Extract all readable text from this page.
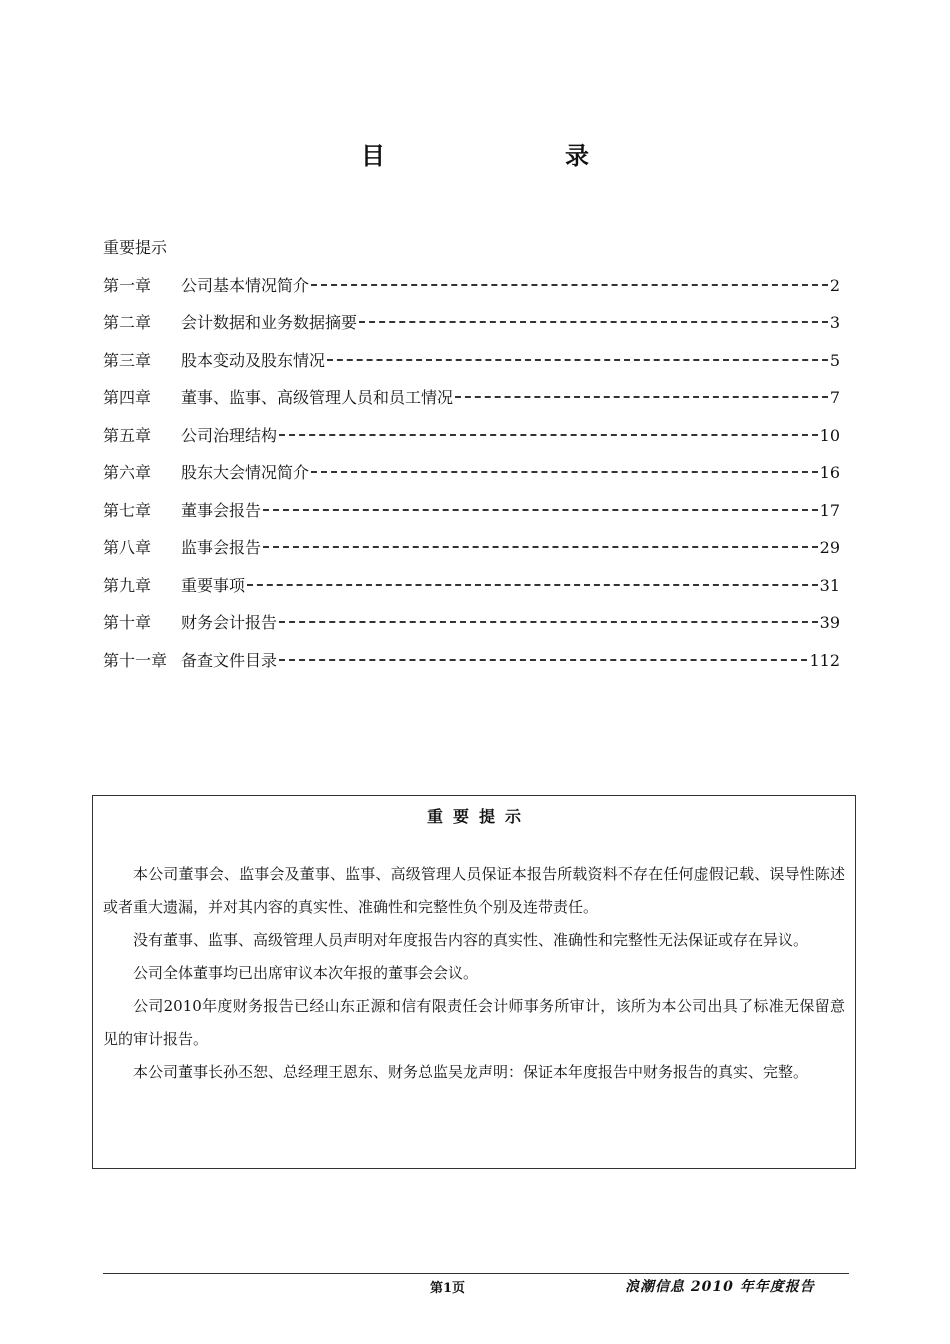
目　　录
重要提示
第一章	公司基本情况简介	2
第二章	会计数据和业务数据摘要	3
第三章	股本变动及股东情况	5
第四章	董事、监事、高级管理人员和员工情况	7
第五章	公司治理结构	10
第六章	股东大会情况简介	16
第七章	董事会报告	17
第八章	监事会报告	29
第九章	重要事项	31
第十章	财务会计报告	39
第十一章 备查文件目录	112
重要提示

本公司董事会、监事会及董事、监事、高级管理人员保证本报告所载资料不存在任何虚假记载、误导性陈述或者重大遗漏，并对其内容的真实性、准确性和完整性负个别及连带责任。

没有董事、监事、高级管理人员声明对年度报告内容的真实性、准确性和完整性无法保证或存在异议。

公司全体董事均已出席审议本次年报的董事会会议。

公司2010年度财务报告已经山东正源和信有限责任会计师事务所审计，该所为本公司出具了标准无保留意见的审计报告。

本公司董事长孙丕恕、总经理王恩东、财务总监吴龙声明：保证本年度报告中财务报告的真实、完整。

第1页	浪潮信息 2010 年年度报告
